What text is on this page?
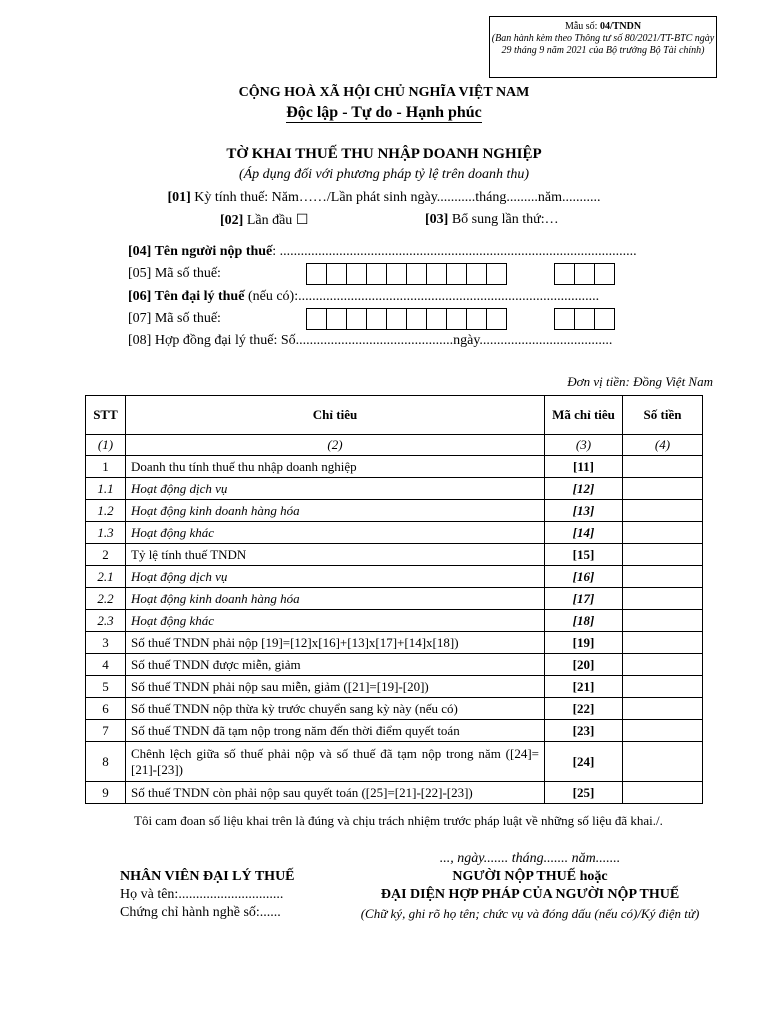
Mẫu số: 04/TNDN
(Ban hành kèm theo Thông tư số 80/2021/TT-BTC ngày 29 tháng 9 năm 2021 của Bộ trưởng Bộ Tài chính)
CỘNG HOÀ XÃ HỘI CHỦ NGHĨA VIỆT NAM
Độc lập - Tự do - Hạnh phúc
TỜ KHAI THUẾ THU NHẬP DOANH NGHIỆP
(Áp dụng đối với phương pháp tỷ lệ trên doanh thu)
[01] Kỳ tính thuế: Năm……/Lần phát sinh ngày...........tháng.........năm...........
[02] Lần đầu ☐	[03] Bổ sung lần thứ:…
[04] Tên người nộp thuế: ......................................................................................................
[05] Mã số thuế:
[06] Tên đại lý thuế (nếu có):......................................................................................
[07] Mã số thuế:
[08] Hợp đồng đại lý thuế: Số.............................................ngày......................................
Đơn vị tiền: Đồng Việt Nam
STT	Chỉ tiêu	Mã chỉ tiêu	Số tiền
(1)	(2)	(3)	(4)
1	Doanh thu tính thuế thu nhập doanh nghiệp	[11]	
1.1	Hoạt động dịch vụ	[12]	
1.2	Hoạt động kinh doanh hàng hóa	[13]	
1.3	Hoạt động khác	[14]	
2	Tỷ lệ tính thuế TNDN	[15]	
2.1	Hoạt động dịch vụ	[16]	
2.2	Hoạt động kinh doanh hàng hóa	[17]	
2.3	Hoạt động khác	[18]	
3	Số thuế TNDN phải nộp [19]=[12]x[16]+[13]x[17]+[14]x[18])	[19]	
4	Số thuế TNDN được miễn, giảm	[20]	
5	Số thuế TNDN phải nộp sau miễn, giảm ([21]=[19]-[20])	[21]	
6	Số thuế TNDN nộp thừa kỳ trước chuyển sang kỳ này (nếu có)	[22]	
7	Số thuế TNDN đã tạm nộp trong năm đến thời điểm quyết toán	[23]	
8	Chênh lệch giữa số thuế phải nộp và số thuế đã tạm nộp trong năm ([24]=[21]-[23])	[24]	
9	Số thuế TNDN còn phải nộp sau quyết toán ([25]=[21]-[22]-[23])	[25]	
Tôi cam đoan số liệu khai trên là đúng và chịu trách nhiệm trước pháp luật về những số liệu đã khai./.
..., ngày....... tháng....... năm.......
NHÂN VIÊN ĐẠI LÝ THUẾ
Họ và tên:..............................
Chứng chỉ hành nghề số:......
NGƯỜI NỘP THUẾ hoặc
ĐẠI DIỆN HỢP PHÁP CỦA NGƯỜI NỘP THUẾ
(Chữ ký, ghi rõ họ tên; chức vụ và đóng dấu (nếu có)/Ký điện tử)
